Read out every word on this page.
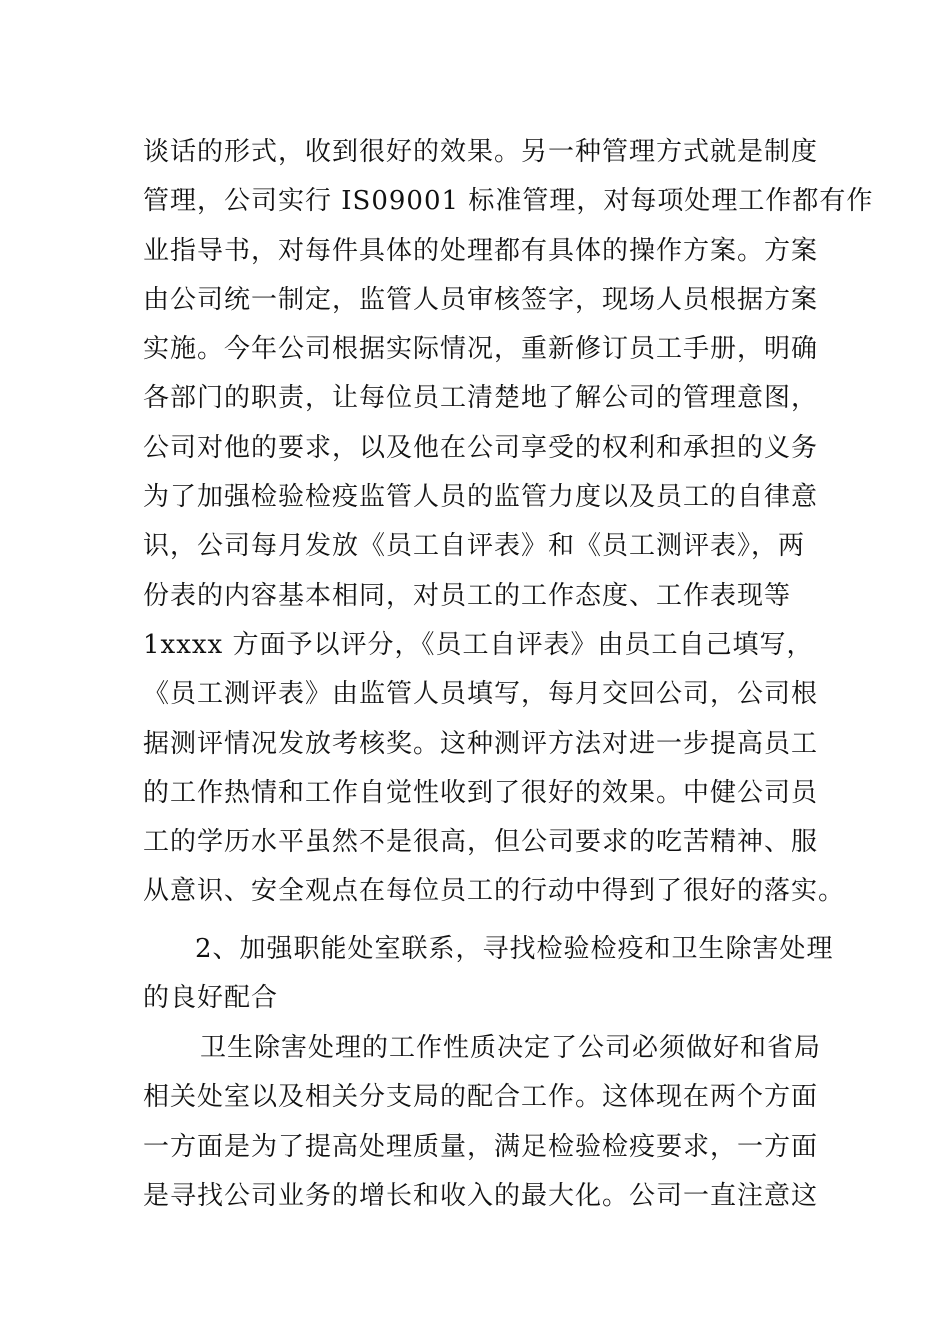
谈话的形式，收到很好的效果。另一种管理方式就是制度
管理，公司实行 IS09001 标准管理，对每项处理工作都有作
业指导书，对每件具体的处理都有具体的操作方案。方案
由公司统一制定，监管人员审核签字，现场人员根据方案
实施。今年公司根据实际情况，重新修订员工手册，明确
各部门的职责，让每位员工清楚地了解公司的管理意图，
公司对他的要求，以及他在公司享受的权利和承担的义务
为了加强检验检疫监管人员的监管力度以及员工的自律意
识，公司每月发放《员工自评表》和《员工测评表》，两
份表的内容基本相同，对员工的工作态度、工作表现等
1xxxx 方面予以评分，《员工自评表》由员工自己填写，
《员工测评表》由监管人员填写，每月交回公司，公司根
据测评情况发放考核奖。这种测评方法对进一步提高员工
的工作热情和工作自觉性收到了很好的效果。中健公司员
工的学历水平虽然不是很高，但公司要求的吃苦精神、服
从意识、安全观点在每位员工的行动中得到了很好的落实。
2、加强职能处室联系，寻找检验检疫和卫生除害处理
的良好配合
卫生除害处理的工作性质决定了公司必须做好和省局
相关处室以及相关分支局的配合工作。这体现在两个方面
一方面是为了提高处理质量，满足检验检疫要求，一方面
是寻找公司业务的增长和收入的最大化。公司一直注意这
